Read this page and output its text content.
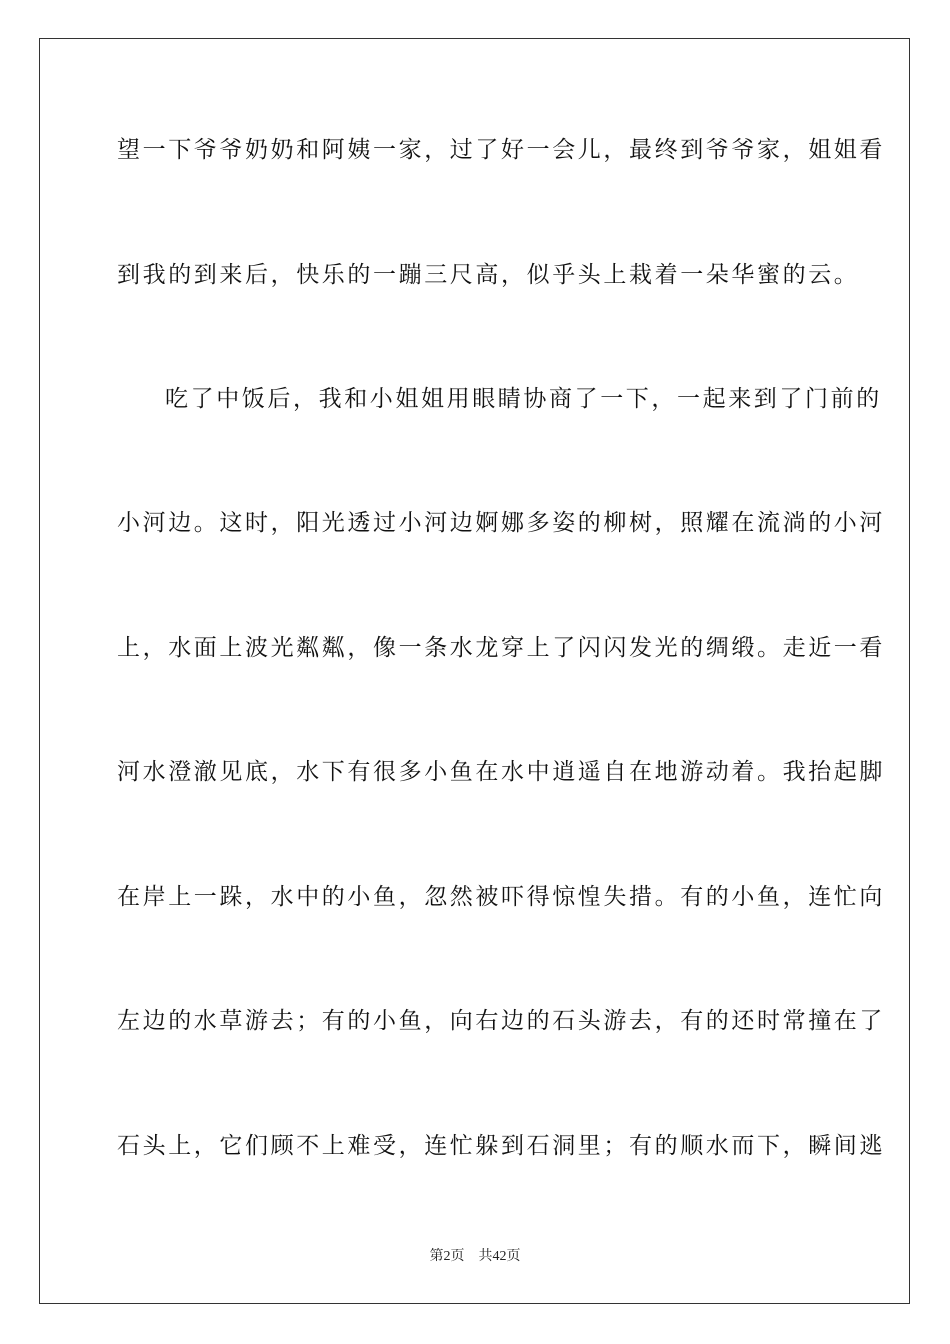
望一下爷爷奶奶和阿姨一家，过了好一会儿，最终到爷爷家，姐姐看
到我的到来后，快乐的一蹦三尺高，似乎头上栽着一朵华蜜的云。
吃了中饭后，我和小姐姐用眼睛协商了一下，一起来到了门前的
小河边。这时，阳光透过小河边婀娜多姿的柳树，照耀在流淌的小河
上，水面上波光粼粼，像一条水龙穿上了闪闪发光的绸缎。走近一看
河水澄澈见底，水下有很多小鱼在水中逍遥自在地游动着。我抬起脚
在岸上一跺，水中的小鱼，忽然被吓得惊惶失措。有的小鱼，连忙向
左边的水草游去；有的小鱼，向右边的石头游去，有的还时常撞在了
石头上，它们顾不上难受，连忙躲到石洞里；有的顺水而下，瞬间逃
第2页 共42页
